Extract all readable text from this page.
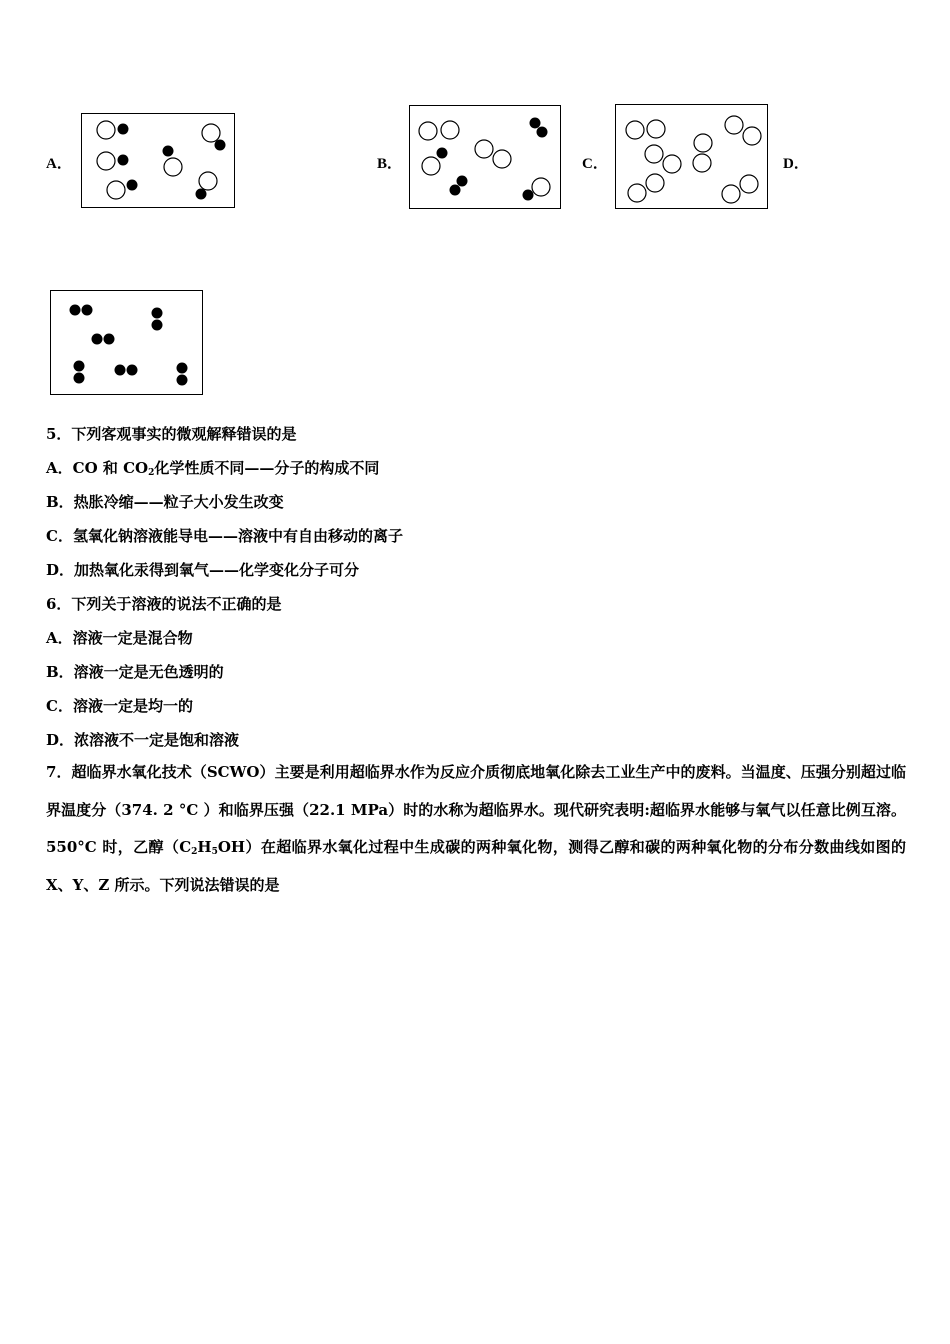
A．	B．	C．	D．
5．下列客观事实的微观解释错误的是
A．CO 和 $CO_2$化学性质不同——分子的构成不同
B．热胀冷缩——粒子大小发生改变
C．氢氧化钠溶液能导电——溶液中有自由移动的离子
D．加热氧化汞得到氧气——化学变化分子可分
6．下列关于溶液的说法不正确的是
A．溶液一定是混合物
B．溶液一定是无色透明的
C．溶液一定是均一的
D．浓溶液不一定是饱和溶液
7．超临界水氧化技术（SCWO）主要是利用超临界水作为反应介质彻底地氧化除去工业生产中的废料。当温度、压强分别超过临界温度分（374. 2 °C ）和临界压强（22.1 MPa）时的水称为超临界水。现代研究表明:超临界水能够与氧气以任意比例互溶。550°C 时，乙醇$(C_2H_5OH)$在超临界水氧化过程中生成碳的两种氧化物，测得乙醇和碳的两种氧化物的分布分数曲线如图的 X、Y、Z 所示。下列说法错误的是
